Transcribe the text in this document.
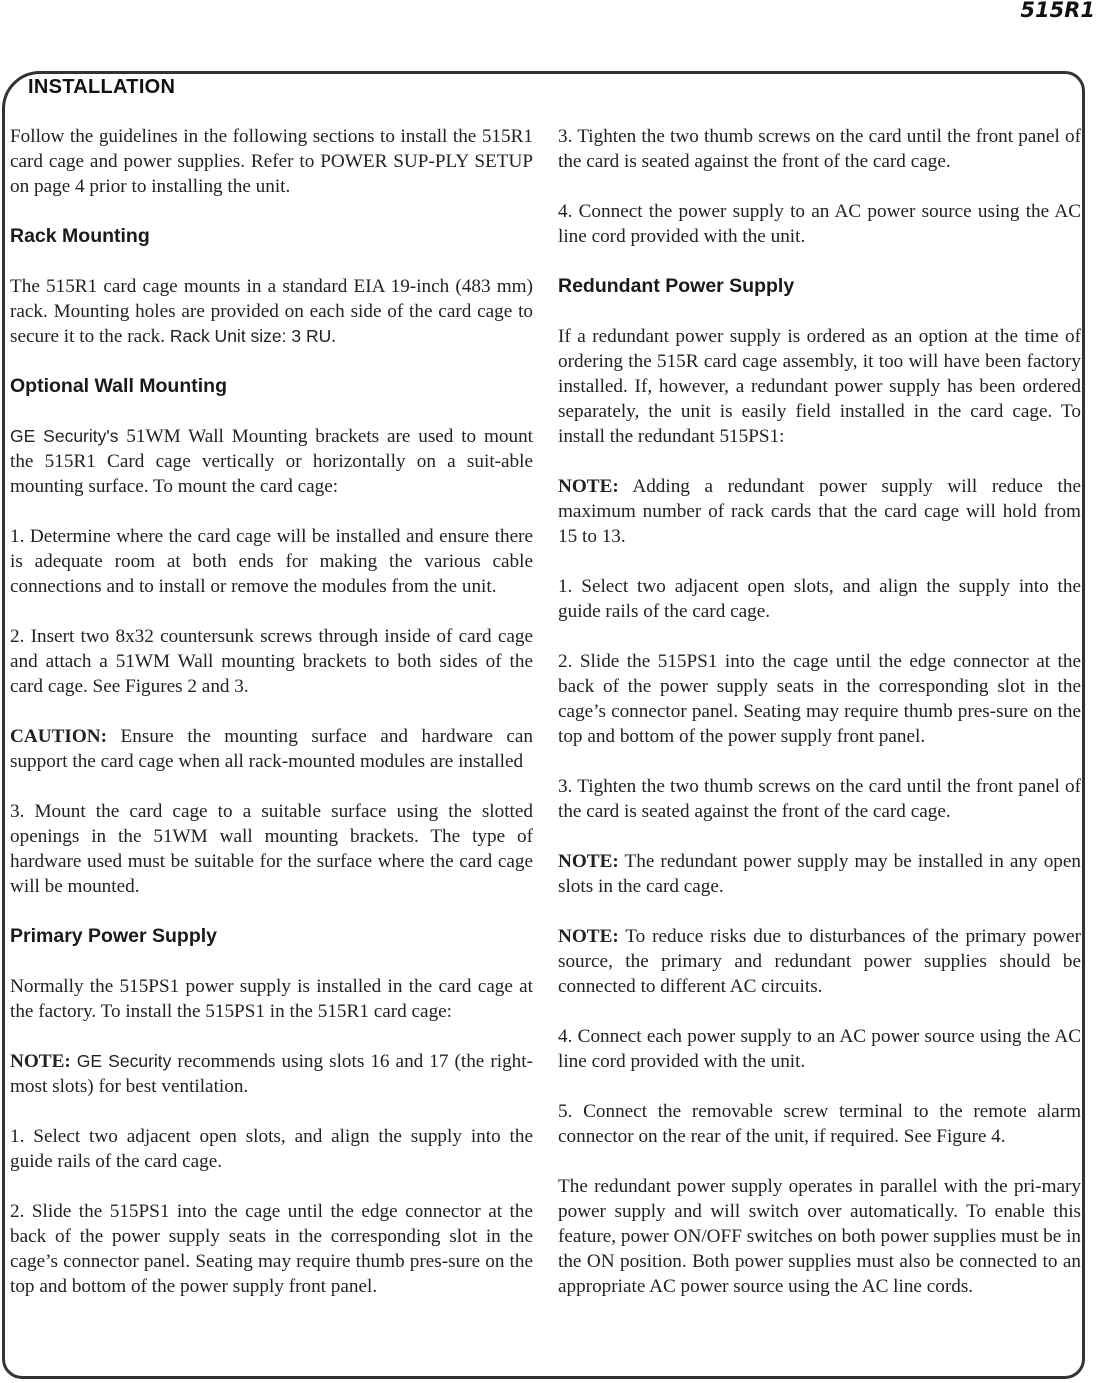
515R1
INSTALLATION

Follow the guidelines in the following sections to install the 515R1 card cage and power supplies. Refer to POWER SUP-PLY SETUP on page 4 prior to installing the unit.

Rack Mounting

The 515R1 card cage mounts in a standard EIA 19-inch (483 mm) rack. Mounting holes are provided on each side of the card cage to secure it to the rack. Rack Unit size: 3 RU.

Optional Wall Mounting

GE Security's 51WM Wall Mounting brackets are used to mount the 515R1 Card cage vertically or horizontally on a suit-able mounting surface. To mount the card cage:

1. Determine where the card cage will be installed and ensure there is adequate room at both ends for making the various cable connections and to install or remove the modules from the unit.

2. Insert two 8x32 countersunk screws through inside of card cage and attach a 51WM Wall mounting brackets to both sides of the card cage. See Figures 2 and 3.

CAUTION: Ensure the mounting surface and hardware can support the card cage when all rack-mounted modules are installed

3. Mount the card cage to a suitable surface using the slotted openings in the 51WM wall mounting brackets. The type of hardware used must be suitable for the surface where the card cage will be mounted.

Primary Power Supply

Normally the 515PS1 power supply is installed in the card cage at the factory. To install the 515PS1 in the 515R1 card cage:

NOTE: GE Security recommends using slots 16 and 17 (the right-most slots) for best ventilation.

1. Select two adjacent open slots, and align the supply into the guide rails of the card cage.

2. Slide the 515PS1 into the cage until the edge connector at the back of the power supply seats in the corresponding slot in the cage’s connector panel. Seating may require thumb pres-sure on the top and bottom of the power supply front panel.

3. Tighten the two thumb screws on the card until the front panel of the card is seated against the front of the card cage.

4. Connect the power supply to an AC power source using the AC line cord provided with the unit.

Redundant Power Supply

If a redundant power supply is ordered as an option at the time of ordering the 515R card cage assembly, it too will have been factory installed. If, however, a redundant power supply has been ordered separately, the unit is easily field installed in the card cage. To install the redundant 515PS1:

NOTE: Adding a redundant power supply will reduce the maximum number of rack cards that the card cage will hold from 15 to 13.

1. Select two adjacent open slots, and align the supply into the guide rails of the card cage.

2. Slide the 515PS1 into the cage until the edge connector at the back of the power supply seats in the corresponding slot in the cage’s connector panel. Seating may require thumb pres-sure on the top and bottom of the power supply front panel.

3. Tighten the two thumb screws on the card until the front panel of the card is seated against the front of the card cage.

NOTE: The redundant power supply may be installed in any open slots in the card cage.

NOTE: To reduce risks due to disturbances of the primary power source, the primary and redundant power supplies should be connected to different AC circuits.

4. Connect each power supply to an AC power source using the AC line cord provided with the unit.

5. Connect the removable screw terminal to the remote alarm connector on the rear of the unit, if required. See Figure 4.

The redundant power supply operates in parallel with the pri-mary power supply and will switch over automatically. To enable this feature, power ON/OFF switches on both power supplies must be in the ON position. Both power supplies must also be connected to an appropriate AC power source using the AC line cords.
